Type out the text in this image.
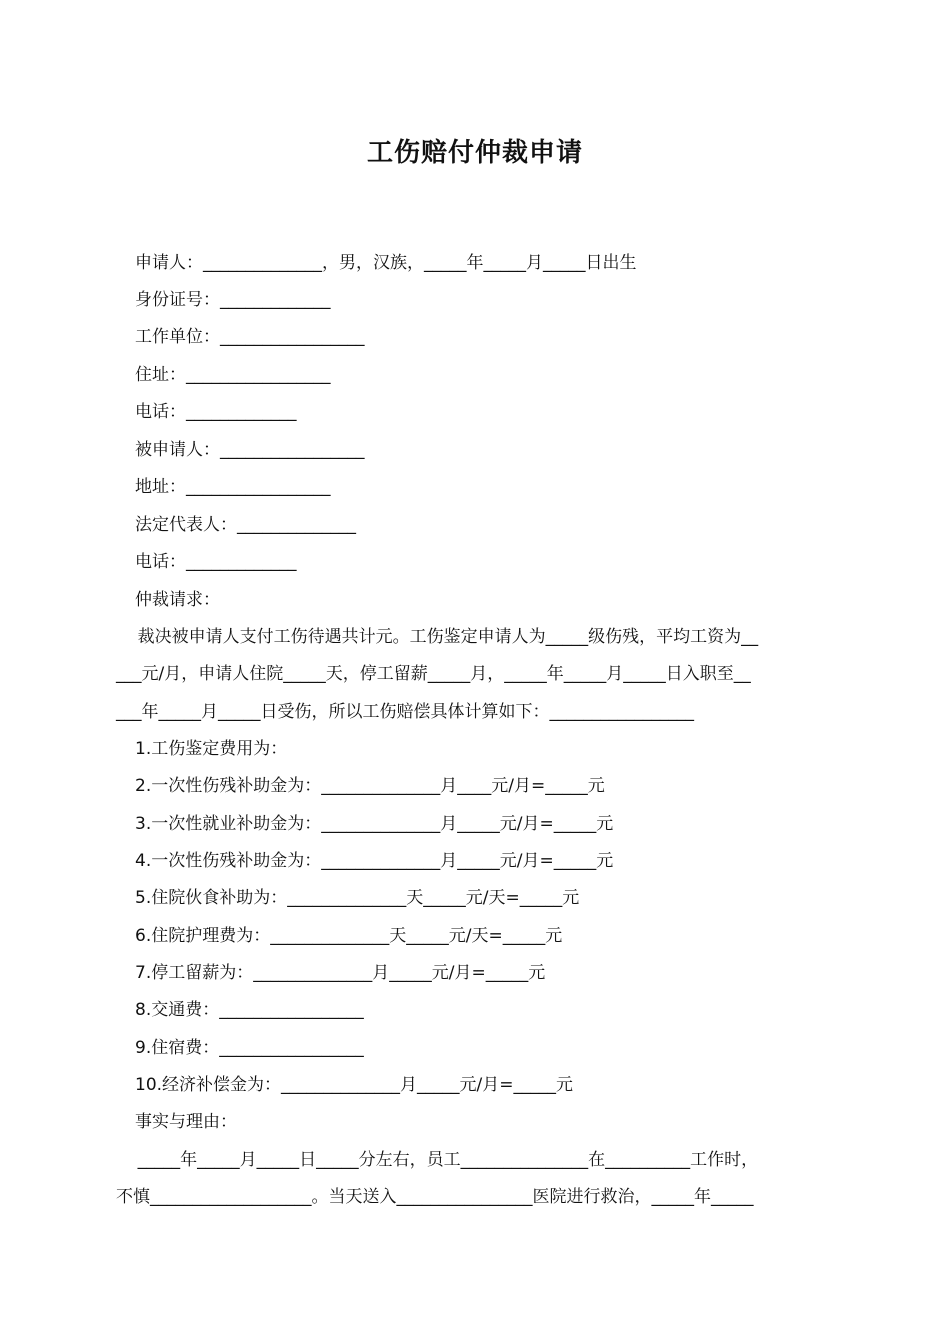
工伤赔付仲裁申请

申请人：______________，男，汉族，_____年_____月_____日出生

身份证号：_____________

工作单位：_________________

住址：_________________

电话：_____________

被申请人：_________________

地址：_________________

法定代表人：______________

电话：_____________

仲裁请求：

裁决被申请人支付工伤待遇共计元。工伤鉴定申请人为_____级伤残，平均工资为__

___元/月，申请人住院_____天，停工留薪_____月，_____年_____月_____日入职至__

___年_____月_____日受伤，所以工伤赔偿具体计算如下：_________________

1.工伤鉴定费用为：

2.一次性伤残补助金为：______________月____元/月=_____元

3.一次性就业补助金为：______________月_____元/月=_____元

4.一次性伤残补助金为：______________月_____元/月=_____元

5.住院伙食补助为：______________天_____元/天=_____元

6.住院护理费为：______________天_____元/天=_____元

7.停工留薪为：______________月_____元/月=_____元

8.交通费：_________________

9.住宿费：_________________

10.经济补偿金为：______________月_____元/月=_____元

事实与理由：

_____年_____月_____日_____分左右，员工_______________在__________工作时，

不慎___________________。当天送入________________医院进行救治，_____年_____
